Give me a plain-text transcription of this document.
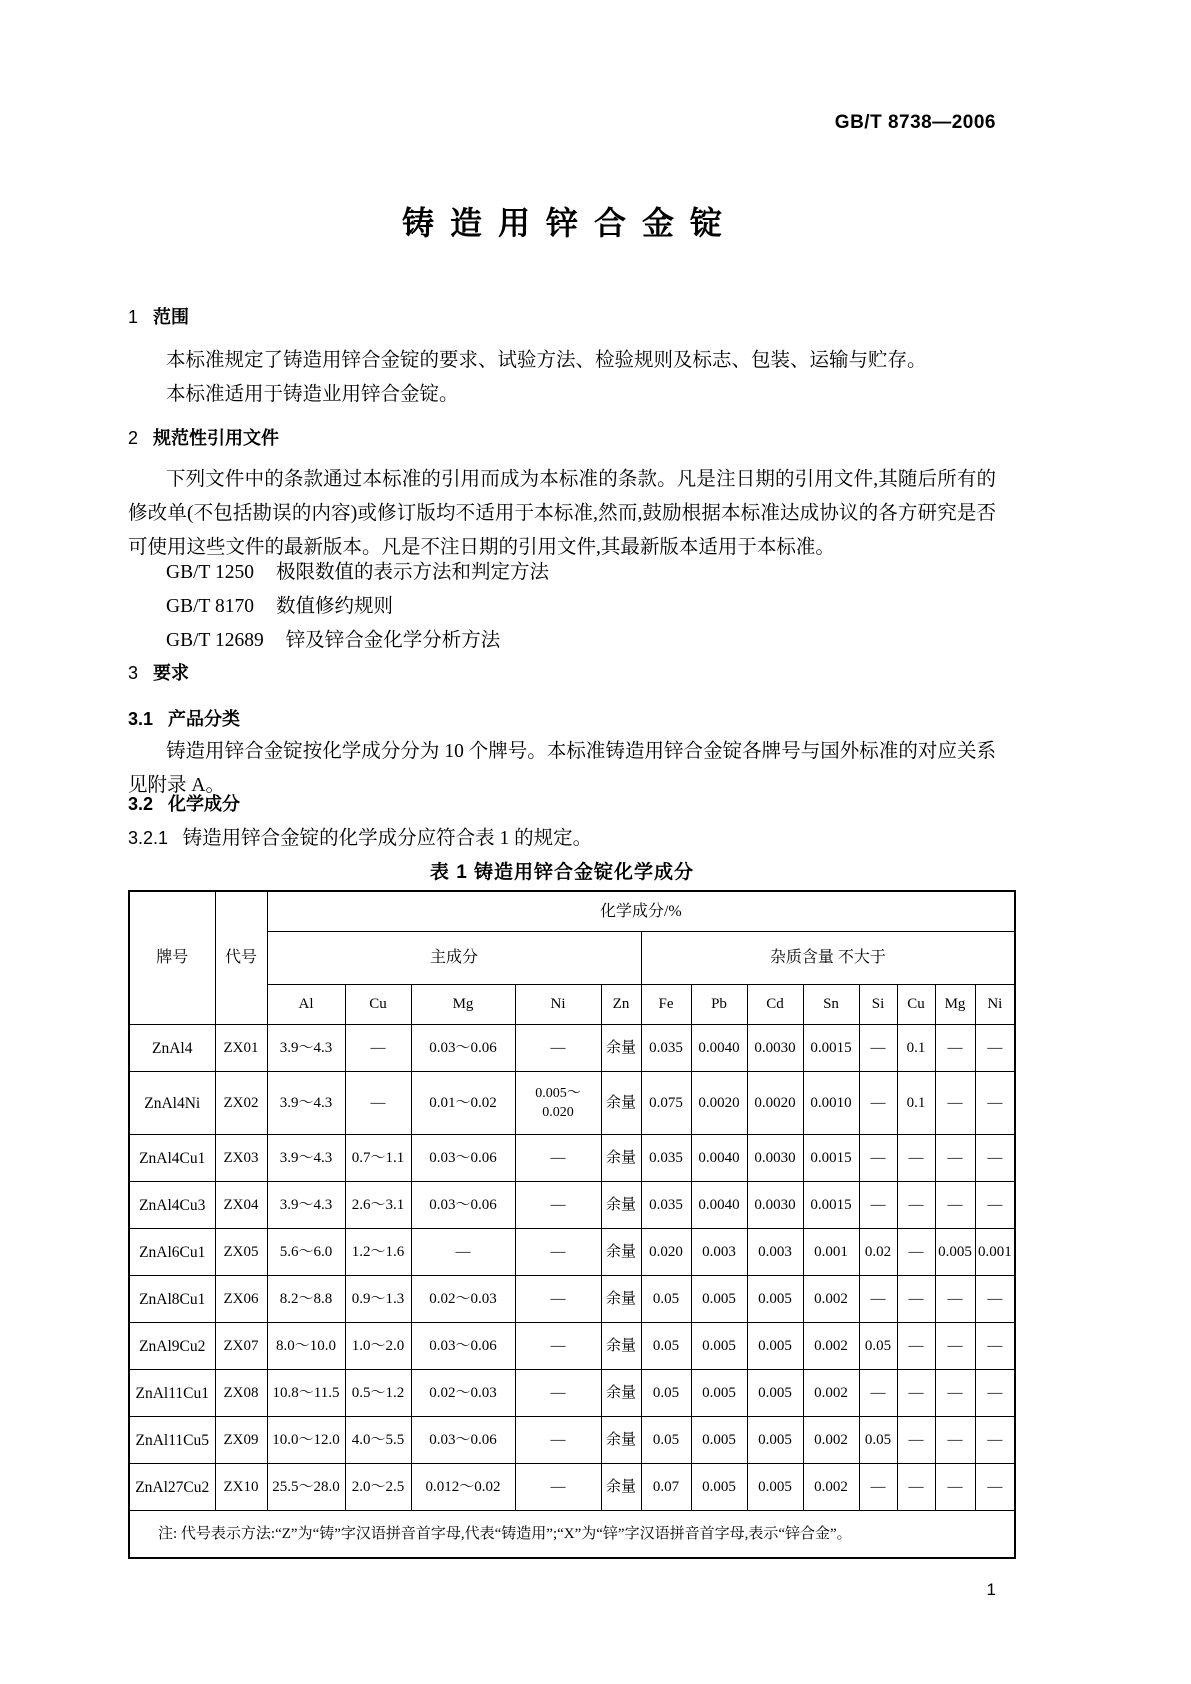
GB/T 8738—2006
铸造用锌合金锭
1 范围
本标准规定了铸造用锌合金锭的要求、试验方法、检验规则及标志、包装、运输与贮存。
本标准适用于铸造业用锌合金锭。
2 规范性引用文件
下列文件中的条款通过本标准的引用而成为本标准的条款。凡是注日期的引用文件,其随后所有的修改单(不包括勘误的内容)或修订版均不适用于本标准,然而,鼓励根据本标准达成协议的各方研究是否可使用这些文件的最新版本。凡是不注日期的引用文件,其最新版本适用于本标准。
GB/T 1250 极限数值的表示方法和判定方法
GB/T 8170 数值修约规则
GB/T 12689 锌及锌合金化学分析方法
3 要求
3.1 产品分类
铸造用锌合金锭按化学成分分为 10 个牌号。本标准铸造用锌合金锭各牌号与国外标准的对应关系见附录 A。
3.2 化学成分
3.2.1 铸造用锌合金锭的化学成分应符合表 1 的规定。
表 1 铸造用锌合金锭化学成分
牌号	代号	化学成分/%												
		主成分					杂质含量 不大于							
		Al	Cu	Mg	Ni	Zn	Fe	Pb	Cd	Sn	Si	Cu	Mg	Ni
ZnAl4	ZX01	3.9～4.3	—	0.03～0.06	—	余量	0.035	0.0040	0.0030	0.0015	—	0.1	—	—
ZnAl4Ni	ZX02	3.9～4.3	—	0.01～0.02	0.005～
0.020	余量	0.075	0.0020	0.0020	0.0010	—	0.1	—	—
ZnAl4Cu1	ZX03	3.9～4.3	0.7～1.1	0.03～0.06	—	余量	0.035	0.0040	0.0030	0.0015	—	—	—	—
ZnAl4Cu3	ZX04	3.9～4.3	2.6～3.1	0.03～0.06	—	余量	0.035	0.0040	0.0030	0.0015	—	—	—	—
ZnAl6Cu1	ZX05	5.6～6.0	1.2～1.6	—	—	余量	0.020	0.003	0.003	0.001	0.02	—	0.005	0.001
ZnAl8Cu1	ZX06	8.2～8.8	0.9～1.3	0.02～0.03	—	余量	0.05	0.005	0.005	0.002	—	—	—	—
ZnAl9Cu2	ZX07	8.0～10.0	1.0～2.0	0.03～0.06	—	余量	0.05	0.005	0.005	0.002	0.05	—	—	—
ZnAl11Cu1	ZX08	10.8～11.5	0.5～1.2	0.02～0.03	—	余量	0.05	0.005	0.005	0.002	—	—	—	—
ZnAl11Cu5	ZX09	10.0～12.0	4.0～5.5	0.03～0.06	—	余量	0.05	0.005	0.005	0.002	0.05	—	—	—
ZnAl27Cu2	ZX10	25.5～28.0	2.0～2.5	0.012～0.02	—	余量	0.07	0.005	0.005	0.002	—	—	—	—
注: 代号表示方法:“Z”为“铸”字汉语拼音首字母,代表“铸造用”;“X”为“锌”字汉语拼音首字母,表示“锌合金”。														
1
